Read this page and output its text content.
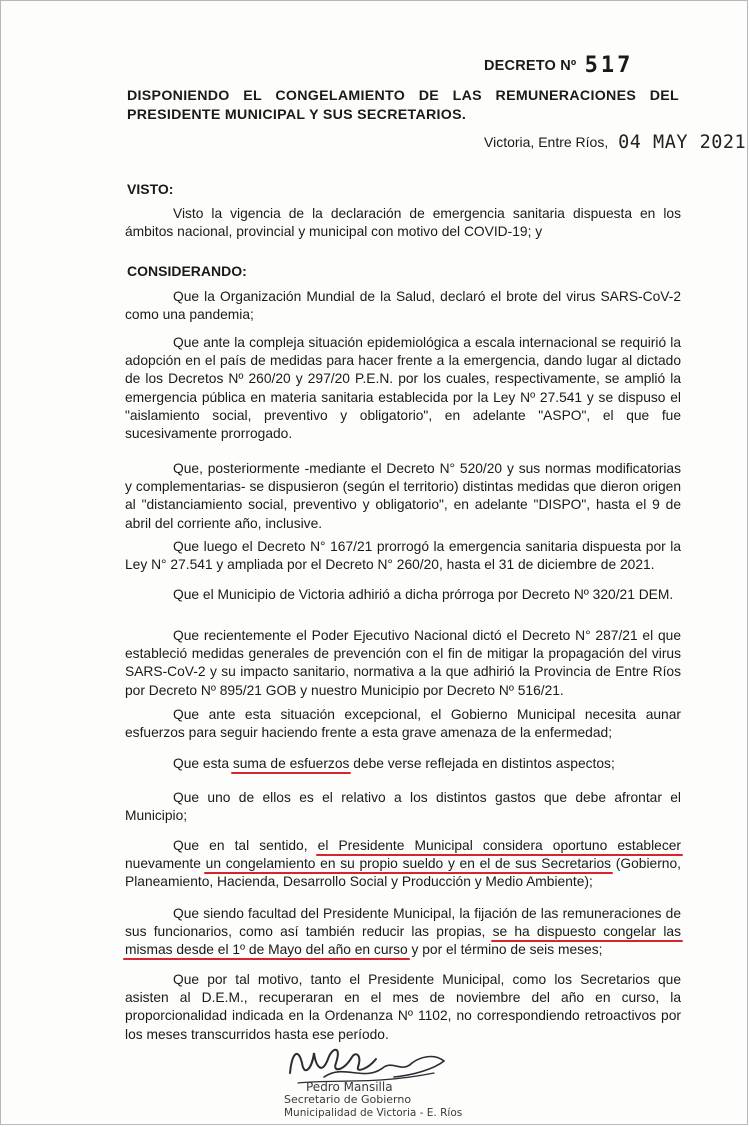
DECRETO Nº 517
DISPONIENDO EL CONGELAMIENTO DE LAS REMUNERACIONES DEL PRESIDENTE MUNICIPAL Y SUS SECRETARIOS.
Victoria, Entre Ríos, 04 MAY 2021
VISTO:
Visto la vigencia de la declaración de emergencia sanitaria dispuesta en los ámbitos nacional, provincial y municipal con motivo del COVID-19; y
CONSIDERANDO:
Que la Organización Mundial de la Salud, declaró el brote del virus SARS-CoV-2 como una pandemia;
Que ante la compleja situación epidemiológica a escala internacional se requirió la adopción en el país de medidas para hacer frente a la emergencia, dando lugar al dictado de los Decretos Nº 260/20 y 297/20 P.E.N. por los cuales, respectivamente, se amplió la emergencia pública en materia sanitaria establecida por la Ley Nº 27.541 y se dispuso el "aislamiento social, preventivo y obligatorio", en adelante "ASPO", el que fue sucesivamente prorrogado.
Que, posteriormente -mediante el Decreto N° 520/20 y sus normas modificatorias y complementarias- se dispusieron (según el territorio) distintas medidas que dieron origen al "distanciamiento social, preventivo y obligatorio", en adelante "DISPO", hasta el 9 de abril del corriente año, inclusive.
Que luego el Decreto N° 167/21 prorrogó la emergencia sanitaria dispuesta por la Ley N° 27.541 y ampliada por el Decreto N° 260/20, hasta el 31 de diciembre de 2021.
Que el Municipio de Victoria adhirió a dicha prórroga por Decreto Nº 320/21 DEM.
Que recientemente el Poder Ejecutivo Nacional dictó el Decreto N° 287/21 el que estableció medidas generales de prevención con el fin de mitigar la propagación del virus SARS-CoV-2 y su impacto sanitario, normativa a la que adhirió la Provincia de Entre Ríos por Decreto Nº 895/21 GOB y nuestro Municipio por Decreto Nº 516/21.
Que ante esta situación excepcional, el Gobierno Municipal necesita aunar esfuerzos para seguir haciendo frente a esta grave amenaza de la enfermedad;
Que esta suma de esfuerzos debe verse reflejada en distintos aspectos;
Que uno de ellos es el relativo a los distintos gastos que debe afrontar el Municipio;
Que en tal sentido, el Presidente Municipal considera oportuno establecer nuevamente un congelamiento en su propio sueldo y en el de sus Secretarios (Gobierno, Planeamiento, Hacienda, Desarrollo Social y Producción y Medio Ambiente);
Que siendo facultad del Presidente Municipal, la fijación de las remuneraciones de sus funcionarios, como así también reducir las propias, se ha dispuesto congelar las mismas desde el 1º de Mayo del año en curso y por el término de seis meses;
Que por tal motivo, tanto el Presidente Municipal, como los Secretarios que asisten al D.E.M., recuperaran en el mes de noviembre del año en curso, la proporcionalidad indicada en la Ordenanza Nº 1102, no correspondiendo retroactivos por los meses transcurridos hasta ese período.
Pedro Mansilla
Secretario de Gobierno
Municipalidad de Victoria - E. Ríos
